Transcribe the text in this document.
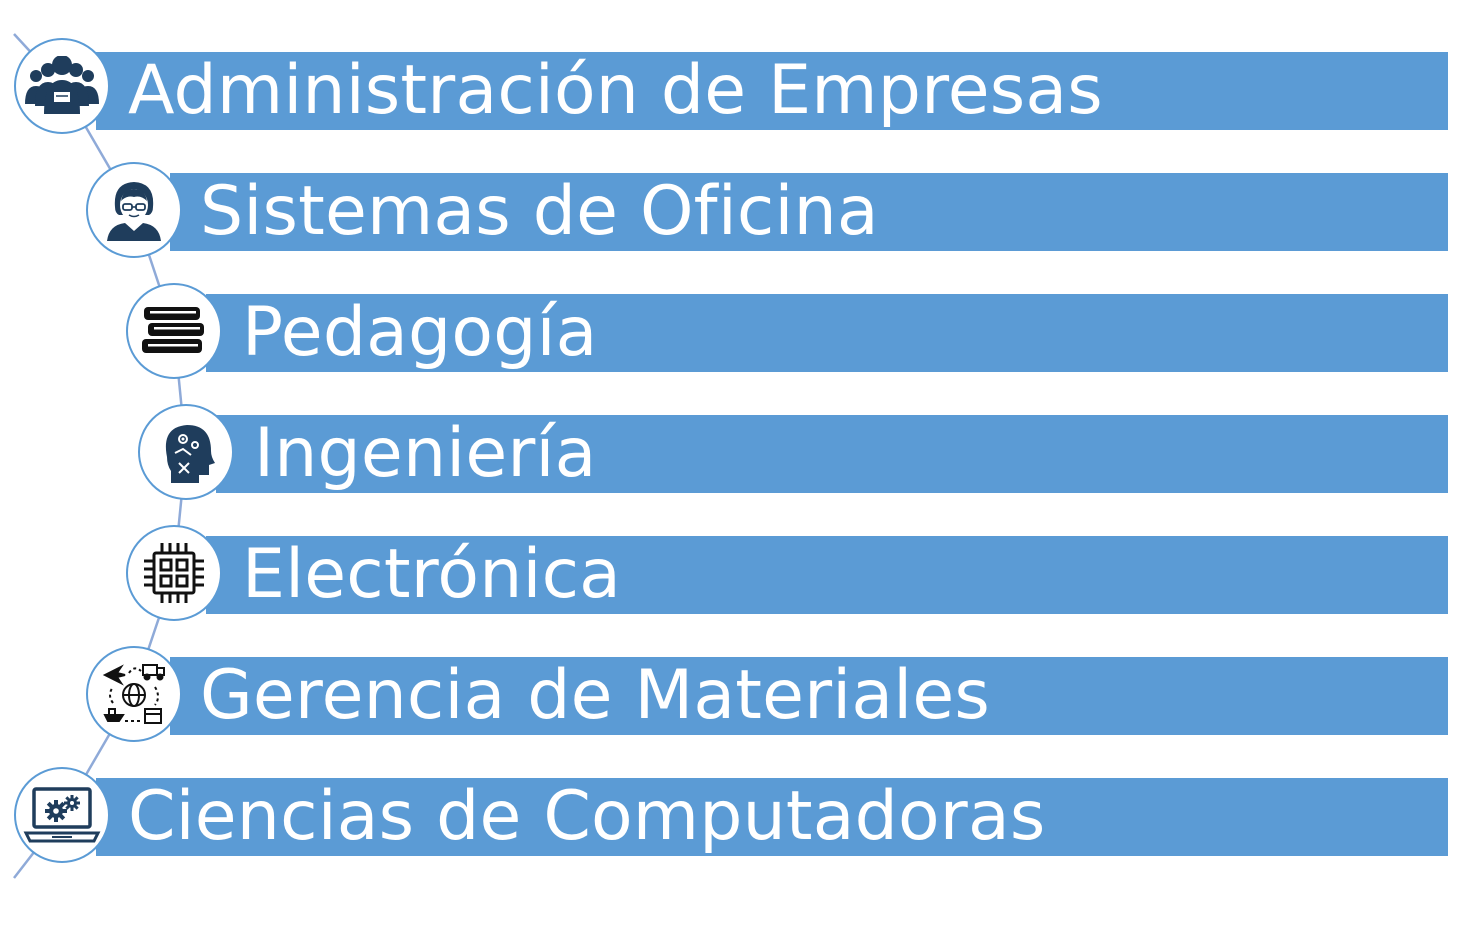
Administración de Empresas
Sistemas de Oficina
Pedagogía
Ingeniería
Electrónica
Gerencia de Materiales
Ciencias de Computadoras
